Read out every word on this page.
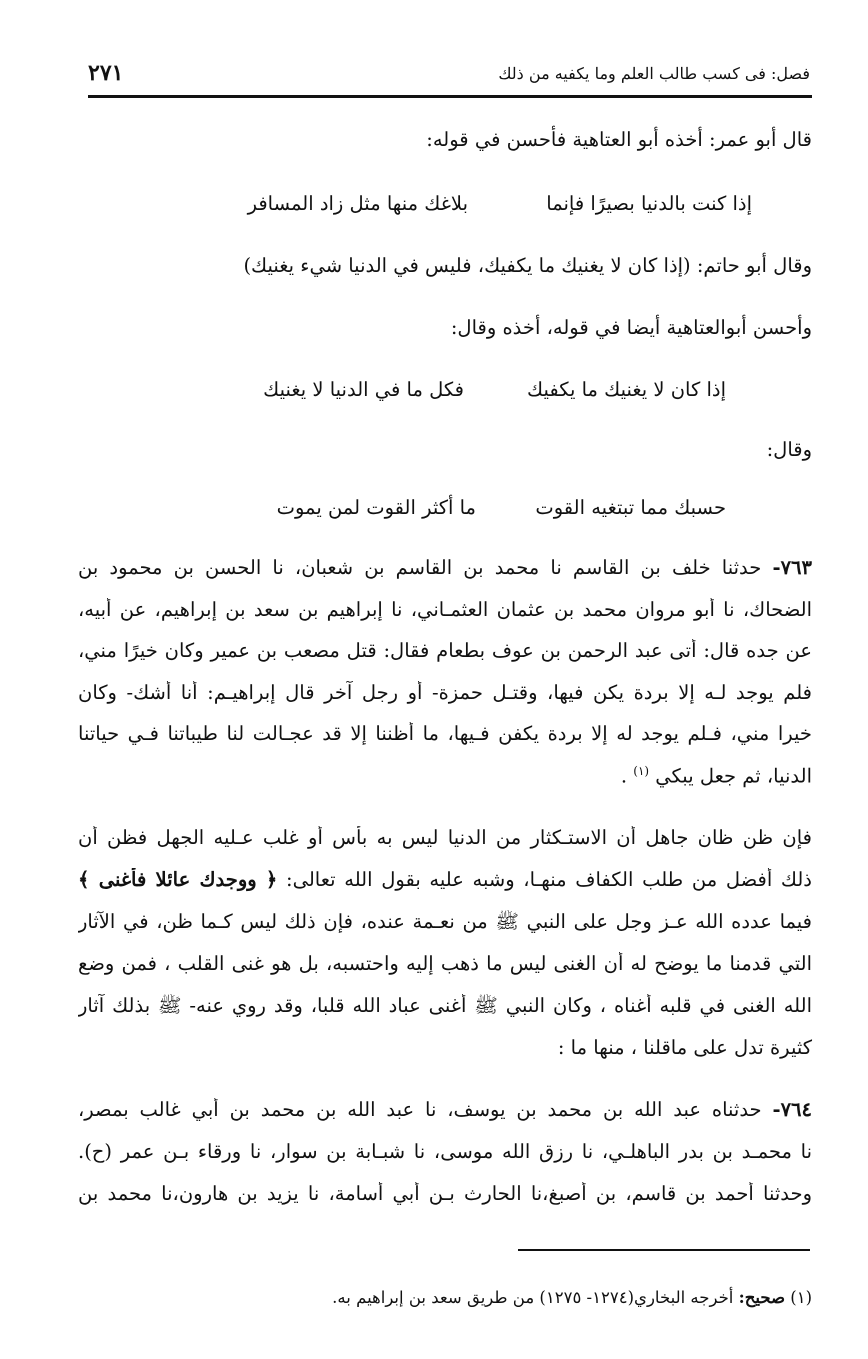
فصل: فى كسب طالب العلم وما يكفيه من ذلك
٢٧١
قال أبو عمر: أخذه أبو العتاهية فأحسن في قوله:
إذا كنت بالدنيا بصيرًا فإنما
بلاغك منها مثل زاد المسافر
وقال أبو حاتم: (إذا كان لا يغنيك ما يكفيك، فليس في الدنيا شيء يغنيك)
وأحسن أبوالعتاهية أيضا في قوله، أخذه وقال:
إذا كان لا يغنيك ما يكفيك
فكل ما في الدنيا لا يغنيك
وقال:
حسبك مما تبتغيه القوت
ما أكثر القوت لمن يموت
٧٦٣- حدثنا خلف بن القاسم نا محمد بن القاسم بن شعبان، نا الحسن بن محمود بن
الضحاك، نا أبو مروان محمد بن عثمان العثمـاني، نا إبراهيم بن سعد بن إبراهيم، عن أبيه،
عن جده قال: أتى عبد الرحمن بن عوف بطعام فقال: قتل مصعب بن عمير وكان خيرًا مني،
فلم يوجد لـه إلا بردة يكن فيها، وقتـل حمزة- أو رجل آخر قال إبراهيـم: أنا أشك- وكان
خيرا مني، فـلم يوجد له إلا بردة يكفن فـيها، ما أظننا إلا قد عجـالت لنا طيباتنا فـي حياتنا
الدنيا، ثم جعل يبكي $^{(١)}$ .
فإن ظن ظان جاهل أن الاستـكثار من الدنيا ليس به بأس أو غلب عـليه الجهل فظن أن
ذلك أفضل من طلب الكفاف منهـا، وشبه عليه بقول الله تعالى: ﴿ ووجدك عائلا فأغنى ﴾
فيما عدده الله عـز وجل على النبي ﷺ من نعـمة عنده، فإن ذلك ليس كـما ظن، في الآثار
التي قدمنا ما يوضح له أن الغنى ليس ما ذهب إليه واحتسبه، بل هو غنى القلب ، فمن وضع
الله الغنى في قلبه أغناه ، وكان النبي ﷺ أغنى عباد الله قلبا، وقد روي عنه- ﷺ بذلك آثار
كثيرة تدل على ماقلنا ، منها ما :
٧٦٤- حدثناه عبد الله بن محمد بن يوسف، نا عبد الله بن محمد بن أبي غالب بمصر،
نا محمـد بن بدر الباهلـي، نا رزق الله موسى، نا شبـابة بن سوار، نا ورقاء بـن عمر (ح).
وحدثنا أحمد بن قاسم، بن أصبغ،نا الحارث بـن أبي أسامة، نا يزيد بن هارون،نا محمد بن
(١) صحيح: أخرجه البخاري(١٢٧٤- ١٢٧٥) من طريق سعد بن إبراهيم به.
